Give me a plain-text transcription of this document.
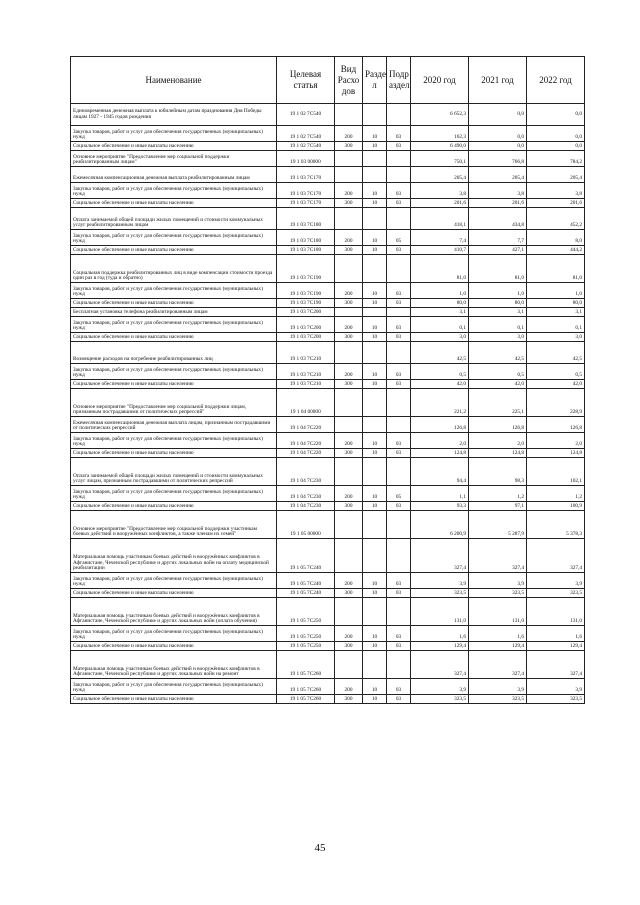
Наименование	Целевая статья	Вид Расхо дов	Разде л	Подр аздел	2020 год	2021 год	2022 год
Единовременная денежная выплата к юбилейным датам празднования Дня Победы лицам 1927 - 1945 годов рождения	19 1 02 7C540				6 652,3	0,0	0,0
Закупка товаров, работ и услуг для обеспечения государственных (муниципальных) нужд	19 1 02 7C540	200	10	03	162,3	0,0	0,0
Социальное обеспечение и иные выплаты населению	19 1 02 7C540	300	10	03	6 490,0	0,0	0,0
Основное мероприятие "Предоставление мер социальной поддержки реабилитированным лицам"	19 1 03 00000				750,1	766,8	784,2
Ежемесячная компенсационная денежная выплата реабилитированным лицам	19 1 03 7C170				205,4	205,4	205,4
Закупка товаров, работ и услуг для обеспечения государственных (муниципальных) нужд	19 1 03 7C170	200	10	03	3,8	3,8	3,8
Социальное обеспечение и иные выплаты населению	19 1 03 7C170	300	10	03	201,6	201,6	201,6
Оплата занимаемой общей площади жилых помещений и стоимости коммунальных услуг реабилитированным лицам	19 1 03 7C180				418,1	434,8	452,2
Закупка товаров, работ и услуг для обеспечения государственных (муниципальных) нужд	19 1 03 7C180	200	10	05	7,4	7,7	8,0
Социальное обеспечение и иные выплаты населению	19 1 03 7C180	300	10	03	410,7	427,1	444,2
Социальная поддержка реабилитированных лиц в виде компенсации стоимости проезда один раз в год (туда и обратно)	19 1 03 7C190				81,0	81,0	81,0
Закупка товаров, работ и услуг для обеспечения государственных (муниципальных) нужд	19 1 03 7C190	200	10	03	1,0	1,0	1,0
Социальное обеспечение и иные выплаты населению	19 1 03 7C190	300	10	03	80,0	80,0	80,0
Бесплатная установка телефона реабилитированным лицам	19 1 03 7C200				3,1	3,1	3,1
Закупка товаров, работ и услуг для обеспечения государственных (муниципальных) нужд	19 1 03 7C200	200	10	03	0,1	0,1	0,1
Социальное обеспечение и иные выплаты населению	19 1 03 7C200	300	10	03	3,0	3,0	3,0
Возмещение расходов на погребение реабилитированных лиц	19 1 03 7C210				42,5	42,5	42,5
Закупка товаров, работ и услуг для обеспечения государственных (муниципальных) нужд	19 1 03 7C210	200	10	03	0,5	0,5	0,5
Социальное обеспечение и иные выплаты населению	19 1 03 7C210	300	10	03	42,0	42,0	42,0
Основное мероприятие "Предоставление мер социальной поддержки лицам, признанным пострадавшими от политических репрессий"	19 1 04 00000				221,2	225,1	228,9
Ежемесячная компенсационная денежная выплата лицам, признанным пострадавшими от политических репрессий	19 1 04 7C220				126,8	126,8	126,8
Закупка товаров, работ и услуг для обеспечения государственных (муниципальных) нужд	19 1 04 7C220	200	10	03	2,0	2,0	2,0
Социальное обеспечение и иные выплаты населению	19 1 04 7C220	300	10	03	124,8	124,8	124,8
Оплата занимаемой общей площади жилых помещений и стоимости коммунальных услуг лицам, признанным пострадавшими от политических репрессий	19 1 04 7C230				94,4	98,3	102,1
Закупка товаров, работ и услуг для обеспечения государственных (муниципальных) нужд	19 1 04 7C230	200	10	05	1,1	1,2	1,2
Социальное обеспечение и иные выплаты населению	19 1 04 7C230	300	10	03	93,3	97,1	100,9
Основное мероприятие "Предоставление мер социальной поддержки участникам боевых действий и вооружённых конфликтов, а также членам их семей"	19 1 05 00000				6 200,9	5 287,9	5 378,3
Материальная помощь участникам боевых действий и вооружённых конфликтов в Афганистане, Чеченской республике и других локальных войн на оплату медицинской реабилитации	19 1 05 7C240				327,4	327,4	327,4
Закупка товаров, работ и услуг для обеспечения государственных (муниципальных) нужд	19 1 05 7C240	200	10	03	3,9	3,9	3,9
Социальное обеспечение и иные выплаты населению	19 1 05 7C240	300	10	03	323,5	323,5	323,5
Материальная помощь участникам боевых действий и вооружённых конфликтов в Афганистане, Чеченской республике и других локальных войн (оплата обучения)	19 1 05 7C250				131,0	131,0	131,0
Закупка товаров, работ и услуг для обеспечения государственных (муниципальных) нужд	19 1 05 7C250	200	10	03	1,6	1,6	1,6
Социальное обеспечение и иные выплаты населению	19 1 05 7C250	300	10	03	129,4	129,4	129,4
Материальная помощь участникам боевых действий и вооружённых конфликтов в Афганистане, Чеченской республике и других локальных войн на ремонт	19 1 05 7C260				327,4	327,4	327,4
Закупка товаров, работ и услуг для обеспечения государственных (муниципальных) нужд	19 1 05 7C260	200	10	03	3,9	3,9	3,9
Социальное обеспечение и иные выплаты населению	19 1 05 7C260	300	10	03	323,5	323,5	323,5
45
